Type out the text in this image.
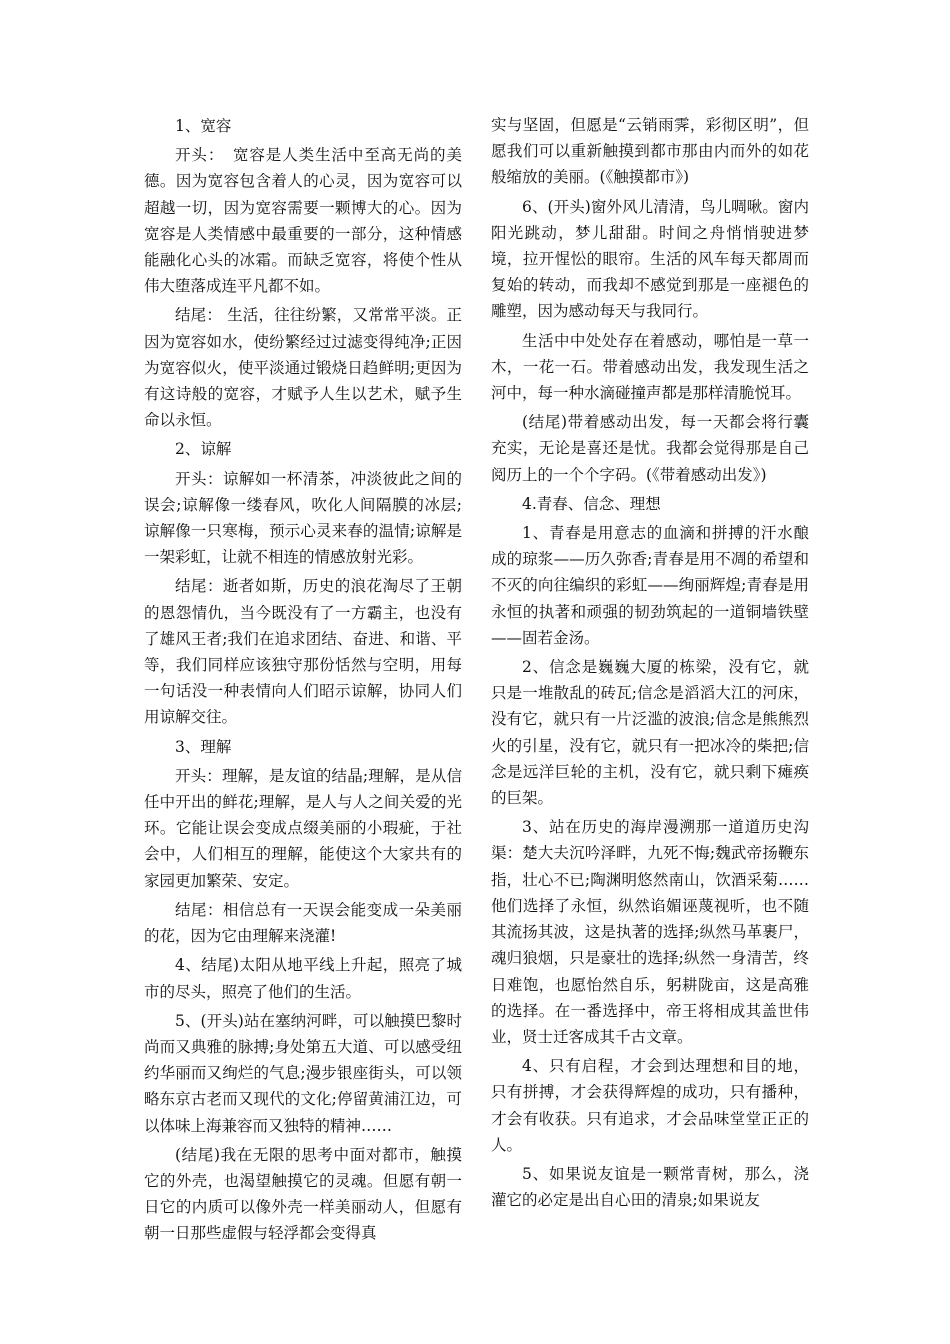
1、宽容

开头：　宽容是人类生活中至高无尚的美德。因为宽容包含着人的心灵，因为宽容可以超越一切，因为宽容需要一颗博大的心。因为宽容是人类情感中最重要的一部分，这种情感能融化心头的冰霜。而缺乏宽容，将使个性从伟大堕落成连平凡都不如。

结尾： 生活，往往纷繁，又常常平淡。正因为宽容如水，使纷繁经过过滤变得纯净;正因为宽容似火，使平淡通过锻烧日趋鲜明;更因为有这诗般的宽容，才赋予人生以艺术，赋予生命以永恒。

2、谅解

开头：谅解如一杯清茶，冲淡彼此之间的误会;谅解像一缕春风，吹化人间隔膜的冰层;谅解像一只寒梅，预示心灵来春的温情;谅解是一架彩虹，让就不相连的情感放射光彩。

结尾：逝者如斯，历史的浪花淘尽了王朝的恩怨情仇，当今既没有了一方霸主，也没有了雄风王者;我们在追求团结、奋进、和谐、平等，我们同样应该独守那份恬然与空明，用每一句话没一种表情向人们昭示谅解，协同人们用谅解交往。

3、理解

开头：理解，是友谊的结晶;理解，是从信任中开出的鲜花;理解，是人与人之间关爱的光环。它能让误会变成点缀美丽的小瑕疵，于社会中，人们相互的理解，能使这个大家共有的家园更加繁荣、安定。

结尾：相信总有一天误会能变成一朵美丽的花，因为它由理解来浇灌!

4、结尾)太阳从地平线上升起，照亮了城市的尽头，照亮了他们的生活。

5、(开头)站在塞纳河畔，可以触摸巴黎时尚而又典雅的脉搏;身处第五大道、可以感受纽约华丽而又绚烂的气息;漫步银座街头，可以领略东京古老而又现代的文化;停留黄浦江边，可以体味上海兼容而又独特的精神……

(结尾)我在无限的思考中面对都市，触摸它的外壳，也渴望触摸它的灵魂。但愿有朝一日它的内质可以像外壳一样美丽动人，但愿有朝一日那些虚假与轻浮都会变得真

实与坚固，但愿是“云销雨霁，彩彻区明”，但愿我们可以重新触摸到都市那由内而外的如花般缩放的美丽。(《触摸都市》)

6、(开头)窗外风儿清清，鸟儿啁啾。窗内阳光跳动，梦儿甜甜。时间之舟悄悄驶进梦境，拉开惺忪的眼帘。生活的风车每天都周而复始的转动，而我却不感觉到那是一座褪色的雕塑，因为感动每天与我同行。

生活中中处处存在着感动，哪怕是一草一木，一花一石。带着感动出发，我发现生活之河中，每一种水滴碰撞声都是那样清脆悦耳。

(结尾)带着感动出发，每一天都会将行囊充实，无论是喜还是忧。我都会觉得那是自己阅历上的一个个字码。(《带着感动出发》)

4.青春、信念、理想

1、青春是用意志的血滴和拼搏的汗水酿成的琼浆——历久弥香;青春是用不凋的希望和不灭的向往编织的彩虹——绚丽辉煌;青春是用永恒的执著和顽强的韧劲筑起的一道铜墙铁壁——固若金汤。

2、信念是巍巍大厦的栋梁，没有它，就只是一堆散乱的砖瓦;信念是滔滔大江的河床，没有它，就只有一片泛滥的波浪;信念是熊熊烈火的引星，没有它，就只有一把冰冷的柴把;信念是远洋巨轮的主机，没有它，就只剩下瘫痪的巨架。

3、站在历史的海岸漫溯那一道道历史沟渠：楚大夫沉吟泽畔，九死不悔;魏武帝扬鞭东指，壮心不已;陶渊明悠然南山，饮酒采菊……他们选择了永恒，纵然谄媚诬蔑视听，也不随其流扬其波，这是执著的选择;纵然马革裹尸，魂归狼烟，只是豪壮的选择;纵然一身清苦，终日难饱，也愿怡然自乐，躬耕陇亩，这是高雅的选择。在一番选择中，帝王将相成其盖世伟业，贤士迁客成其千古文章。

4、只有启程，才会到达理想和目的地，只有拼搏，才会获得辉煌的成功，只有播种，才会有收获。只有追求，才会品味堂堂正正的人。

5、如果说友谊是一颗常青树，那么，浇灌它的必定是出自心田的清泉;如果说友
